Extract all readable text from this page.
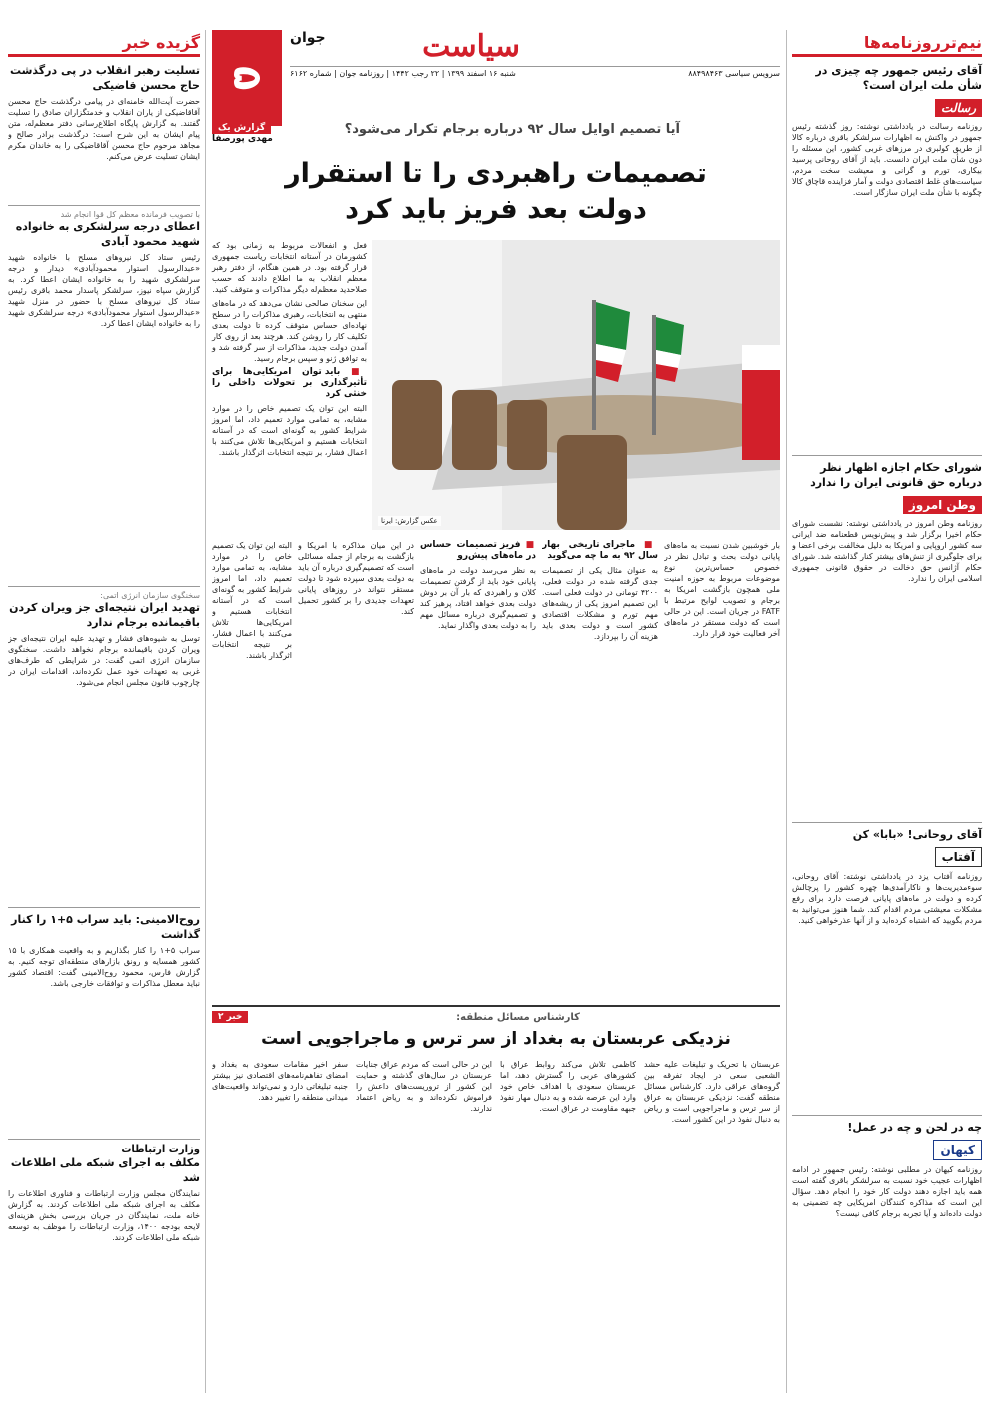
نیم‌ترروزنامه‌ها
آقای رئیس جمهور چه چیزی در شأن ملت ایران است؟
رسالت
روزنامه رسالت در یادداشتی نوشته: روز گذشته رئیس جمهور در واکنش به اظهارات سرلشکر باقری درباره کالا از طریق کولبری در مرزهای غربی کشور، این مسئله را دون شأن ملت ایران دانست. باید از آقای روحانی پرسید بیکاری، تورم و گرانی و معیشت سخت مردم، سیاست‌های غلط اقتصادی دولت و آمار فزاینده قاچاق کالا چگونه با شأن ملت ایران سازگار است.
شورای حکام اجازه اظهار نظر درباره حق قانونی ایران را ندارد
وطن امروز
روزنامه وطن امروز در یادداشتی نوشته: نشست شورای حکام اخیرا برگزار شد و پیش‌نویس قطعنامه ضد ایرانی سه کشور اروپایی و امریکا به دلیل مخالفت برخی اعضا و برای جلوگیری از تنش‌های بیشتر کنار گذاشته شد. شورای حکام آژانس حق دخالت در حقوق قانونی جمهوری اسلامی ایران را ندارد.
آقای روحانی! «بابا» کن
آفتاب
روزنامه آفتاب یزد در یادداشتی نوشته: آقای روحانی، سوءمدیریت‌ها و ناکارآمدی‌ها چهره کشور را پرچالش کرده و دولت در ماه‌های پایانی فرصت دارد برای رفع مشکلات معیشتی مردم اقدام کند. شما هنوز می‌توانید به مردم بگویید که اشتباه کرده‌اید و از آنها عذرخواهی کنید.
چه در لحن و چه در عمل!
کیهان
روزنامه کیهان در مطلبی نوشته: رئیس جمهور در ادامه اظهارات عجیب خود نسبت به سرلشکر باقری گفته است همه باید اجازه دهند دولت کار خود را انجام دهد. سؤال این است که مذاکره کنندگان امریکایی چه تضمینی به دولت داده‌اند و آیا تجربه برجام کافی نیست؟
سیاست
سرویس سیاسی ۸۸۴۹۸۴۶۳
شنبه ۱۶ اسفند ۱۳۹۹ | ۲۲ رجب ۱۴۴۲ | روزنامه جوان | شماره ۶۱۶۲
۵
جوان
آیا تصمیم اوایل سال ۹۲ درباره برجام تکرار می‌شود؟
گزارش یک
مهدی پورصفا
تصمیمات راهبردی را تا استقرار دولت بعد فریز باید کرد
عکس گزارش: ایرنا

فعل و انفعالات مربوط به زمانی بود که کشورمان در آستانه انتخابات ریاست جمهوری قرار گرفته بود. در همین هنگام، از دفتر رهبر معظم انقلاب به ما اطلاع دادند که حسب صلاحدید معظم‌له دیگر مذاکرات و متوقف کنید.

این سخنان صالحی نشان می‌دهد که در ماه‌های منتهی به انتخابات، رهبری مذاکرات را در سطح نهاده‌ای حساس متوقف کرده تا دولت بعدی تکلیف کار را روشن کند. هرچند بعد از روی کار آمدن دولت جدید، مذاکرات از سر گرفته شد و به توافق ژنو و سپس برجام رسید.

■ باید توان امریکایی‌ها برای تأثیرگذاری بر تحولات داخلی را خنثی کرد

البته این توان یک تصمیم خاص را در موارد مشابه، به تمامی موارد تعمیم داد، اما امروز شرایط کشور به گونه‌ای است که در آستانه انتخابات هستیم و امریکایی‌ها تلاش می‌کنند با اعمال فشار، بر نتیجه انتخابات اثرگذار باشند.

بار خوشبین شدن نسبت به ماه‌های پایانی دولت بحث و تبادل نظر در خصوص حساس‌ترین نوع موضوعات مربوط به حوزه امنیت ملی همچون بازگشت امریکا به برجام و تصویب لوایح مرتبط با FATF در جریان است. این در حالی است که دولت مستقر در ماه‌های آخر فعالیت خود قرار دارد.

■ ماجرای تاریخی بهار سال ۹۲ به ما چه می‌گوید

به عنوان مثال یکی از تصمیمات جدی گرفته شده در دولت فعلی، ۴۲۰۰ تومانی در دولت فعلی است. این تصمیم امروز یکی از ریشه‌های مهم تورم و مشکلات اقتصادی کشور است و دولت بعدی باید هزینه آن را بپردازد.

■ فریز تصمیمات حساس در ماه‌های پیش‌رو

به نظر می‌رسد دولت در ماه‌های پایانی خود باید از گرفتن تصمیمات کلان و راهبردی که بار آن بر دوش دولت بعدی خواهد افتاد، پرهیز کند و تصمیم‌گیری درباره مسائل مهم را به دولت بعدی واگذار نماید.

در این میان مذاکره با امریکا و بازگشت به برجام از جمله مسائلی است که تصمیم‌گیری درباره آن باید به دولت بعدی سپرده شود تا دولت مستقر نتواند در روزهای پایانی تعهدات جدیدی را بر کشور تحمیل کند.

البته این توان یک تصمیم خاص را در موارد مشابه، به تمامی موارد تعمیم داد، اما امروز شرایط کشور به گونه‌ای است که در آستانه انتخابات هستیم و امریکایی‌ها تلاش می‌کنند با اعمال فشار، بر نتیجه انتخابات اثرگذار باشند.

کارشناس مسائل منطقه:
خبر ۲
نزدیکی عربستان به بغداد از سر ترس و ماجراجویی است
عربستان با تحریک و تبلیغات علیه حشد الشعبی سعی در ایجاد تفرقه بین گروه‌های عراقی دارد. کارشناس مسائل منطقه گفت: نزدیکی عربستان به عراق از سر ترس و ماجراجویی است و ریاض به دنبال نفوذ در این کشور است.
کاظمی تلاش می‌کند روابط عراق با کشورهای عربی را گسترش دهد، اما عربستان سعودی با اهداف خاص خود وارد این عرصه شده و به دنبال مهار نفوذ جبهه مقاومت در عراق است.
این در حالی است که مردم عراق جنایات عربستان در سال‌های گذشته و حمایت این کشور از تروریست‌های داعش را فراموش نکرده‌اند و به ریاض اعتماد ندارند.
سفر اخیر مقامات سعودی به بغداد و امضای تفاهم‌نامه‌های اقتصادی نیز بیشتر جنبه تبلیغاتی دارد و نمی‌تواند واقعیت‌های میدانی منطقه را تغییر دهد.
گزیده خبر
تسلیت رهبر انقلاب در پی درگذشت حاج محسن قاضیکی
حضرت آیت‌الله خامنه‌ای در پیامی درگذشت حاج محسن آقاقاضیکی از یاران انقلاب و خدمتگزاران صادق را تسلیت گفتند. به گزارش پایگاه اطلاع‌رسانی دفتر معظم‌له، متن پیام ایشان به این شرح است: درگذشت برادر صالح و مجاهد مرحوم حاج محسن آقاقاضیکی را به خاندان مکرم ایشان تسلیت عرض می‌کنم.
با تصویب فرمانده معظم کل قوا انجام شد
اعطای درجه سرلشکری به خانواده شهید محمود آبادی
رئیس ستاد کل نیروهای مسلح با خانواده شهید «عبدالرسول استوار محمودآبادی» دیدار و درجه سرلشکری شهید را به خانواده ایشان اعطا کرد. به گزارش سپاه نیوز، سرلشکر پاسدار محمد باقری رئیس ستاد کل نیروهای مسلح با حضور در منزل شهید «عبدالرسول استوار محمودآبادی» درجه سرلشکری شهید را به خانواده ایشان اعطا کرد.
سخنگوی سازمان انرژی اتمی:
تهدید ایران نتیجه‌ای جز ویران کردن باقیمانده برجام ندارد
توسل به شیوه‌های فشار و تهدید علیه ایران نتیجه‌ای جز ویران کردن باقیمانده برجام نخواهد داشت. سخنگوی سازمان انرژی اتمی گفت: در شرایطی که طرف‌های غربی به تعهدات خود عمل نکرده‌اند، اقدامات ایران در چارچوب قانون مجلس انجام می‌شود.
روح‌الامینی: باید سراب ۵+۱ را کنار گذاشت
سراب ۵+۱ را کنار بگذاریم و به واقعیت همکاری با ۱۵ کشور همسایه و رونق بازارهای منطقه‌ای توجه کنیم. به گزارش فارس، محمود روح‌الامینی گفت: اقتصاد کشور نباید معطل مذاکرات و توافقات خارجی باشد.
وزارت ارتباطات
مکلف به اجرای شبکه ملی اطلاعات شد
نمایندگان مجلس وزارت ارتباطات و فناوری اطلاعات را مکلف به اجرای شبکه ملی اطلاعات کردند. به گزارش خانه ملت، نمایندگان در جریان بررسی بخش هزینه‌ای لایحه بودجه ۱۴۰۰، وزارت ارتباطات را موظف به توسعه شبکه ملی اطلاعات کردند.
